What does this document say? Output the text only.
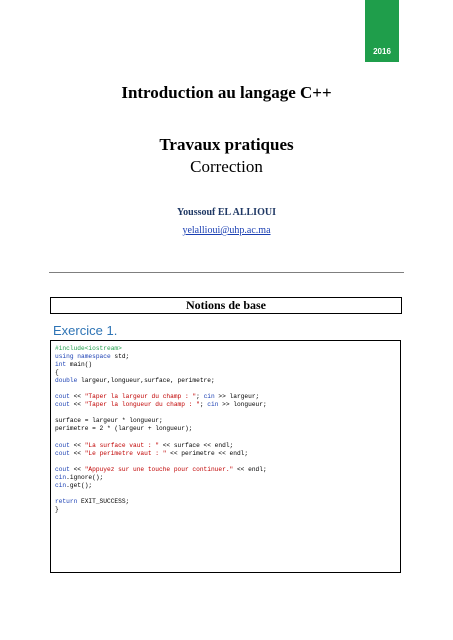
2016
Introduction au langage C++
Travaux pratiques
Correction
Youssouf EL ALLIOUI
yelallioui@uhp.ac.ma
Notions de base
Exercice 1.
#include<iostream>
using namespace std;
int main()
{
double largeur,longueur,surface, perimetre;

cout << "Taper la largeur du champ : "; cin >> largeur;
cout << "Taper la longueur du champ : "; cin >> longueur;

surface = largeur * longueur;
perimetre = 2 * (largeur + longueur);

cout << "La surface vaut : " << surface << endl;
cout << "Le perimetre vaut : " << perimetre << endl;

cout << "Appuyez sur une touche pour continuer." << endl;
cin.ignore();
cin.get();

return EXIT_SUCCESS;
}
